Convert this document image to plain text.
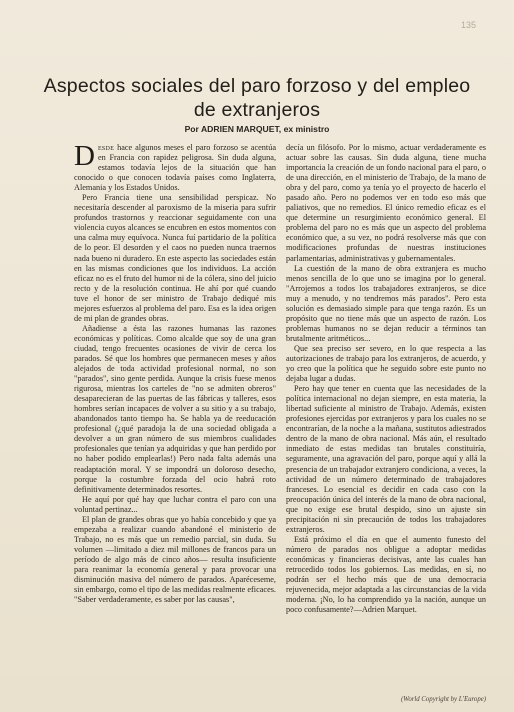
135
Aspectos sociales del paro forzoso y del empleo de extranjeros
Por ADRIEN MARQUET, ex ministro

Desde hace algunos meses el paro forzoso se acentúa en Francia con rapidez peligrosa. Sin duda alguna, estamos todavía lejos de la situación que han conocido o que conocen todavía países como Inglaterra, Alemania y los Estados Unidos.

Pero Francia tiene una sensibilidad perspicaz. No necesitaría descender al paroxismo de la miseria para sufrir profundos trastornos y reaccionar seguidamente con una violencia cuyos alcances se encubren en estos momentos con una calma muy equívoca. Nunca fuí partidario de la política de lo peor. El desorden y el caos no pueden nunca traernos nada bueno ni duradero. En este aspecto las sociedades están en las mismas condiciones que los individuos. La acción eficaz no es el fruto del humor ni de la cólera, sino del juicio recto y de la resolución continua. He ahí por qué cuando tuve el honor de ser ministro de Trabajo dediqué mis mejores esfuerzos al problema del paro. Esa es la idea origen de mi plan de grandes obras.

Añadiense a ésta las razones humanas las razones económicas y políticas. Como alcalde que soy de una gran ciudad, tengo frecuentes ocasiones de vivir de cerca los parados. Sé que los hombres que permanecen meses y años alejados de toda actividad profesional normal, no son "parados", sino gente perdida. Aunque la crisis fuese menos rigurosa, mientras los carteles de "no se admiten obreros" desaparecieran de las puertas de las fábricas y talleres, esos hombres serían incapaces de volver a su sitio y a su trabajo, abandonados tanto tiempo ha. Se habla ya de reeducación profesional (¿qué paradoja la de una sociedad obligada a devolver a un gran número de sus miembros cualidades profesionales que tenían ya adquiridas y que han perdido por no haber podido emplearlas!) Pero nada falta además una readaptación moral. Y se impondrá un doloroso desecho, porque la costumbre forzada del ocio habrá roto definitivamente determinados resortes.

He aquí por qué hay que luchar contra el paro con una voluntad pertinaz...

El plan de grandes obras que yo había concebido y que ya empezaba a realizar cuando abandoné el ministerio de Trabajo, no es más que un remedio parcial, sin duda. Su volumen —limitado a diez mil millones de francos para un período de algo más de cinco años— resulta insuficiente para reanimar la economía general y para provocar una disminución masiva del número de parados. Aparéceseme, sin embargo, como el tipo de las medidas realmente eficaces. "Saber verdaderamente, es saber por las causas",

decía un filósofo. Por lo mismo, actuar verdaderamente es actuar sobre las causas. Sin duda alguna, tiene mucha importancia la creación de un fondo nacional para el paro, o de una dirección, en el ministerio de Trabajo, de la mano de obra y del paro, como ya tenía yo el proyecto de hacerlo el pasado año. Pero no podemos ver en todo eso más que paliativos, que no remedios. El único remedio eficaz es el que determine un resurgimiento económico general. El problema del paro no es más que un aspecto del problema económico que, a su vez, no podrá resolverse más que con modificaciones profundas de nuestras instituciones parlamentarias, administrativas y gubernamentales.

La cuestión de la mano de obra extranjera es mucho menos sencilla de lo que uno se imagina por lo general. "Arrojemos a todos los trabajadores extranjeros, se dice muy a menudo, y no tendremos más parados". Pero esta solución es demasiado simple para que tenga razón. Es un propósito que no tiene más que un aspecto de razón. Los problemas humanos no se dejan reducir a términos tan brutalmente aritméticos...

Que sea preciso ser severo, en lo que respecta a las autorizaciones de trabajo para los extranjeros, de acuerdo, y yo creo que la política que he seguido sobre este punto no dejaba lugar a dudas.

Pero hay que tener en cuenta que las necesidades de la política internacional no dejan siempre, en esta materia, la libertad suficiente al ministro de Trabajo. Además, existen profesiones ejercidas por extranjeros y para los cuales no se encontrarían, de la noche a la mañana, sustitutos adiestrados dentro de la mano de obra nacional. Más aún, el resultado inmediato de estas medidas tan brutales constituiría, seguramente, una agravación del paro, porque aquí y allá la presencia de un trabajador extranjero condiciona, a veces, la actividad de un número determinado de trabajadores franceses. Lo esencial es decidir en cada caso con la preocupación única del interés de la mano de obra nacional, que no exige ese brutal despido, sino un ajuste sin precipitación ni sin precaución de todos los trabajadores extranjeros.

Está próximo el día en que el aumento funesto del número de parados nos obligue a adoptar medidas económicas y financieras decisivas, ante las cuales han retrocedido todos los gobiernos. Las medidas, en sí, no podrán ser el hecho más que de una democracia rejuvenecida, mejor adaptada a las circunstancias de la vida moderna. ¡No, lo ha comprendido ya la nación, aunque un poco confusamente?—Adrien Marquet.

(World Copyright by L'Europe)
